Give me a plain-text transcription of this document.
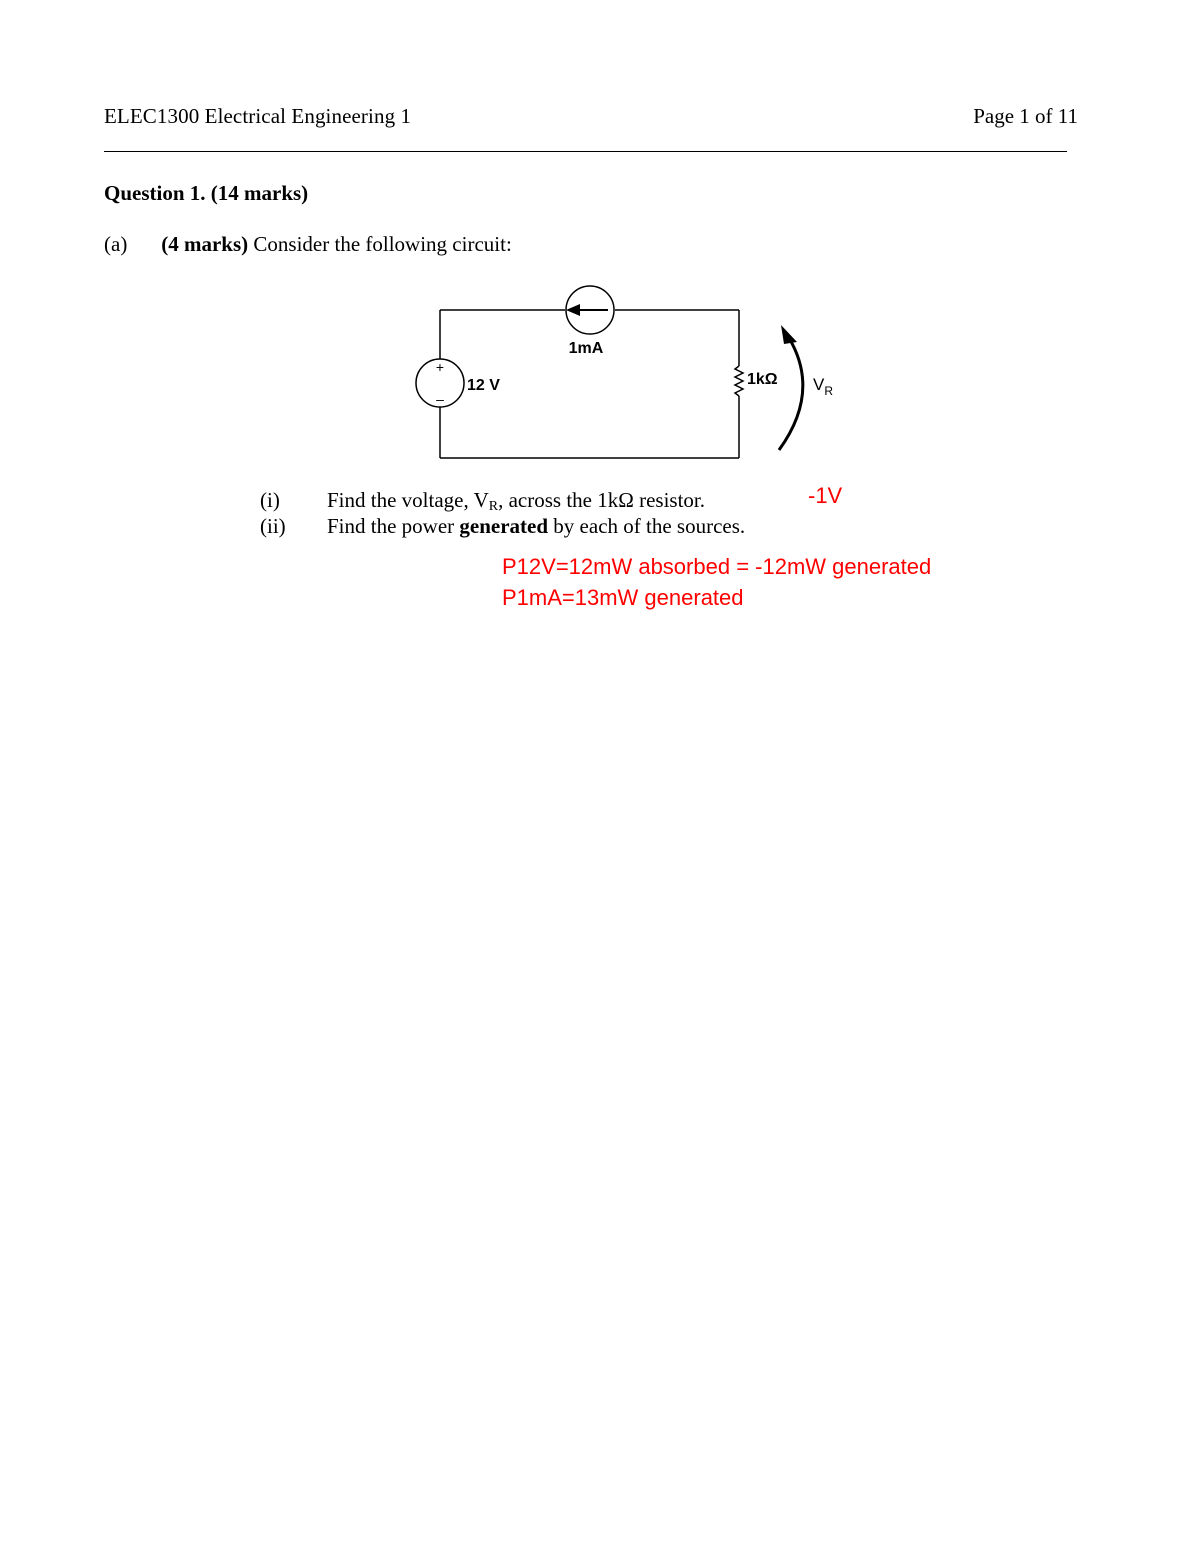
ELEC1300 Electrical Engineering 1	Page 1 of 11
Question 1. (14 marks)
(a) (4 marks) Consider the following circuit:
1mA
+
–
12 V	1kΩ $V_R$
(i) Find the voltage, $V_R$, across the 1kΩ resistor.
(ii) Find the power generated by each of the sources.
-1V
P12V=12mW absorbed = -12mW generated
P1mA=13mW generated
